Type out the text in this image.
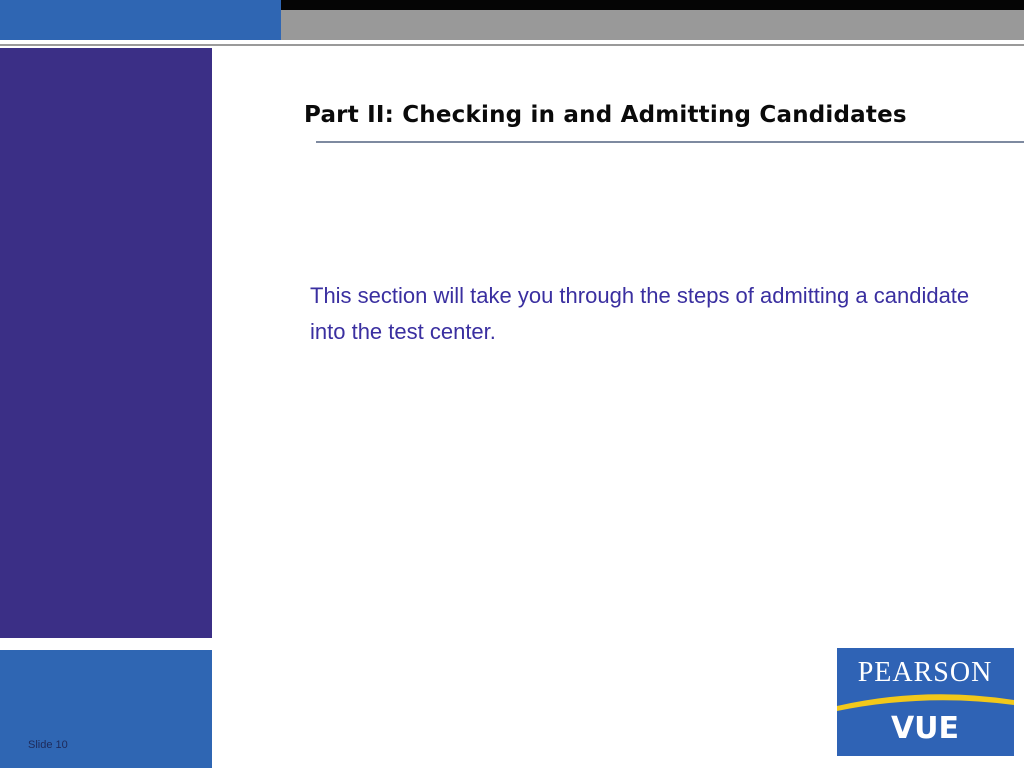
Slide 10
Part II: Checking in and Admitting Candidates
This section will take you through the steps of admitting a candidate into the test center.
PEARSON
VUE
